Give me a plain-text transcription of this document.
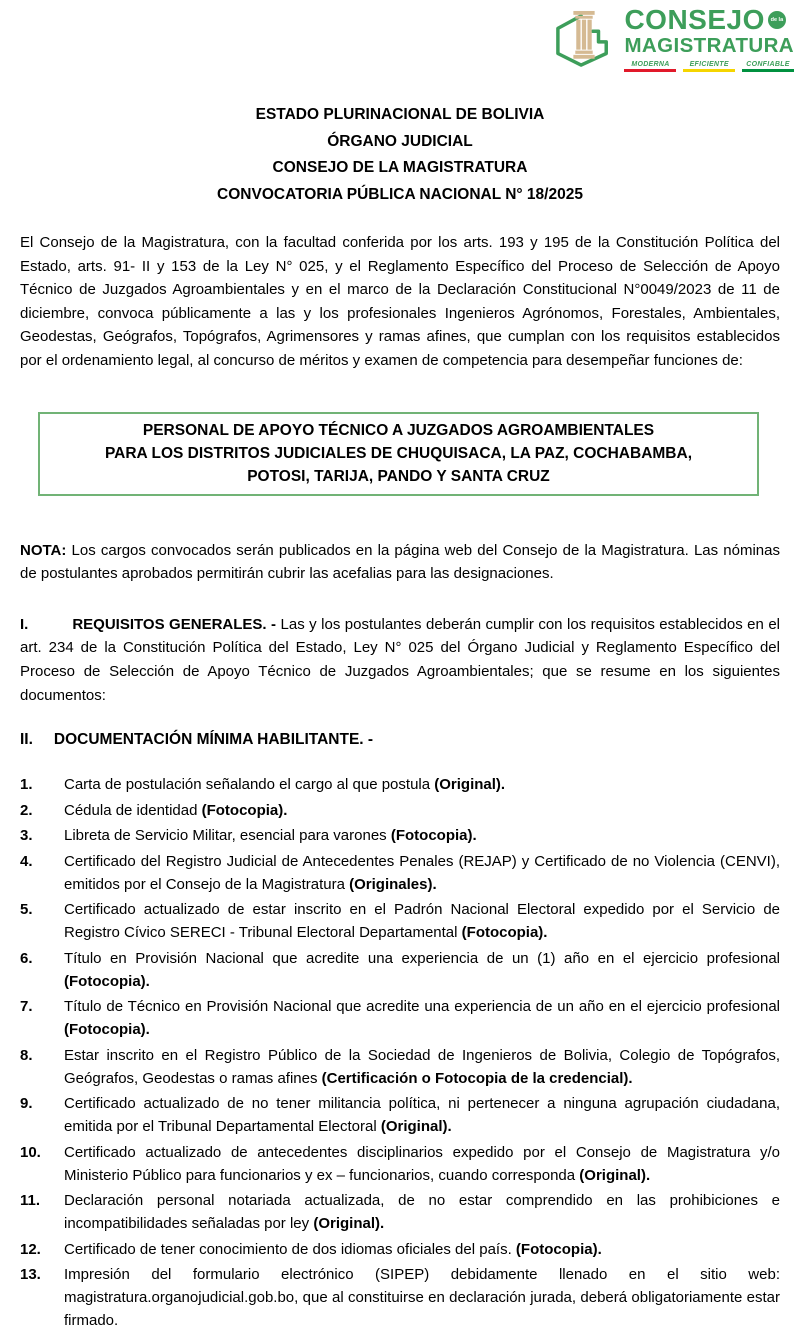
CONSEJO	de la
MAGISTRATURA
MODERNA	EFICIENTE CONFIABLE
ESTADO PLURINACIONAL DE BOLIVIA
ÓRGANO JUDICIAL
CONSEJO DE LA MAGISTRATURA
CONVOCATORIA PÚBLICA NACIONAL N° 18/2025

El Consejo de la Magistratura, con la facultad conferida por los arts. 193 y 195 de la Constitución Política del Estado, arts. 91- II y 153 de la Ley N° 025, y el Reglamento Específico del Proceso de Selección de Apoyo Técnico de Juzgados Agroambientales y en el marco de la Declaración Constitucional N°0049/2023 de 11 de diciembre, convoca públicamente a las y los profesionales Ingenieros Agrónomos, Forestales, Ambientales, Geodestas, Geógrafos, Topógrafos, Agrimensores y ramas afines, que cumplan con los requisitos establecidos por el ordenamiento legal, al concurso de méritos y examen de competencia para desempeñar funciones de:

PERSONAL DE APOYO TÉCNICO A JUZGADOS AGROAMBIENTALES
PARA LOS DISTRITOS JUDICIALES DE CHUQUISACA, LA PAZ, COCHABAMBA,
POTOSI, TARIJA, PANDO Y SANTA CRUZ

NOTA: Los cargos convocados serán publicados en la página web del Consejo de la Magistratura. Las nóminas de postulantes aprobados permitirán cubrir las acefalias para las designaciones.

I.	REQUISITOS GENERALES. - Las y los postulantes deberán cumplir con los requisitos establecidos en el art. 234 de la Constitución Política del Estado, Ley N° 025 del Órgano Judicial y Reglamento Específico del Proceso de Selección de Apoyo Técnico de Juzgados Agroambientales; que se resume en los siguientes documentos:

II. DOCUMENTACIÓN MÍNIMA HABILITANTE. -

1.	Carta de postulación señalando el cargo al que postula (Original).
2.	Cédula de identidad (Fotocopia).
3.	Libreta de Servicio Militar, esencial para varones (Fotocopia).
4.	Certificado del Registro Judicial de Antecedentes Penales (REJAP) y Certificado de no Violencia (CENVI), emitidos por el Consejo de la Magistratura (Originales).
5.	Certificado actualizado de estar inscrito en el Padrón Nacional Electoral expedido por el Servicio de Registro Cívico SERECI - Tribunal Electoral Departamental (Fotocopia).
6.	Título en Provisión Nacional que acredite una experiencia de un (1) año en el ejercicio profesional (Fotocopia).
7.	Título de Técnico en Provisión Nacional que acredite una experiencia de un año en el ejercicio profesional (Fotocopia).
8.	Estar inscrito en el Registro Público de la Sociedad de Ingenieros de Bolivia, Colegio de Topógrafos, Geógrafos, Geodestas o ramas afines (Certificación o Fotocopia de la credencial).
9.	Certificado actualizado de no tener militancia política, ni pertenecer a ninguna agrupación ciudadana, emitida por el Tribunal Departamental Electoral (Original).
10.	Certificado actualizado de antecedentes disciplinarios expedido por el Consejo de Magistratura y/o Ministerio Público para funcionarios y ex – funcionarios, cuando corresponda (Original).
11.	Declaración personal notariada actualizada, de no estar comprendido en las prohibiciones e incompatibilidades señaladas por ley (Original).
12.	Certificado de tener conocimiento de dos idiomas oficiales del país. (Fotocopia).
13.	Impresión del formulario electrónico (SIPEP) debidamente llenado en el sitio web: magistratura.organojudicial.gob.bo, que al constituirse en declaración jurada, deberá obligatoriamente estar firmado.
